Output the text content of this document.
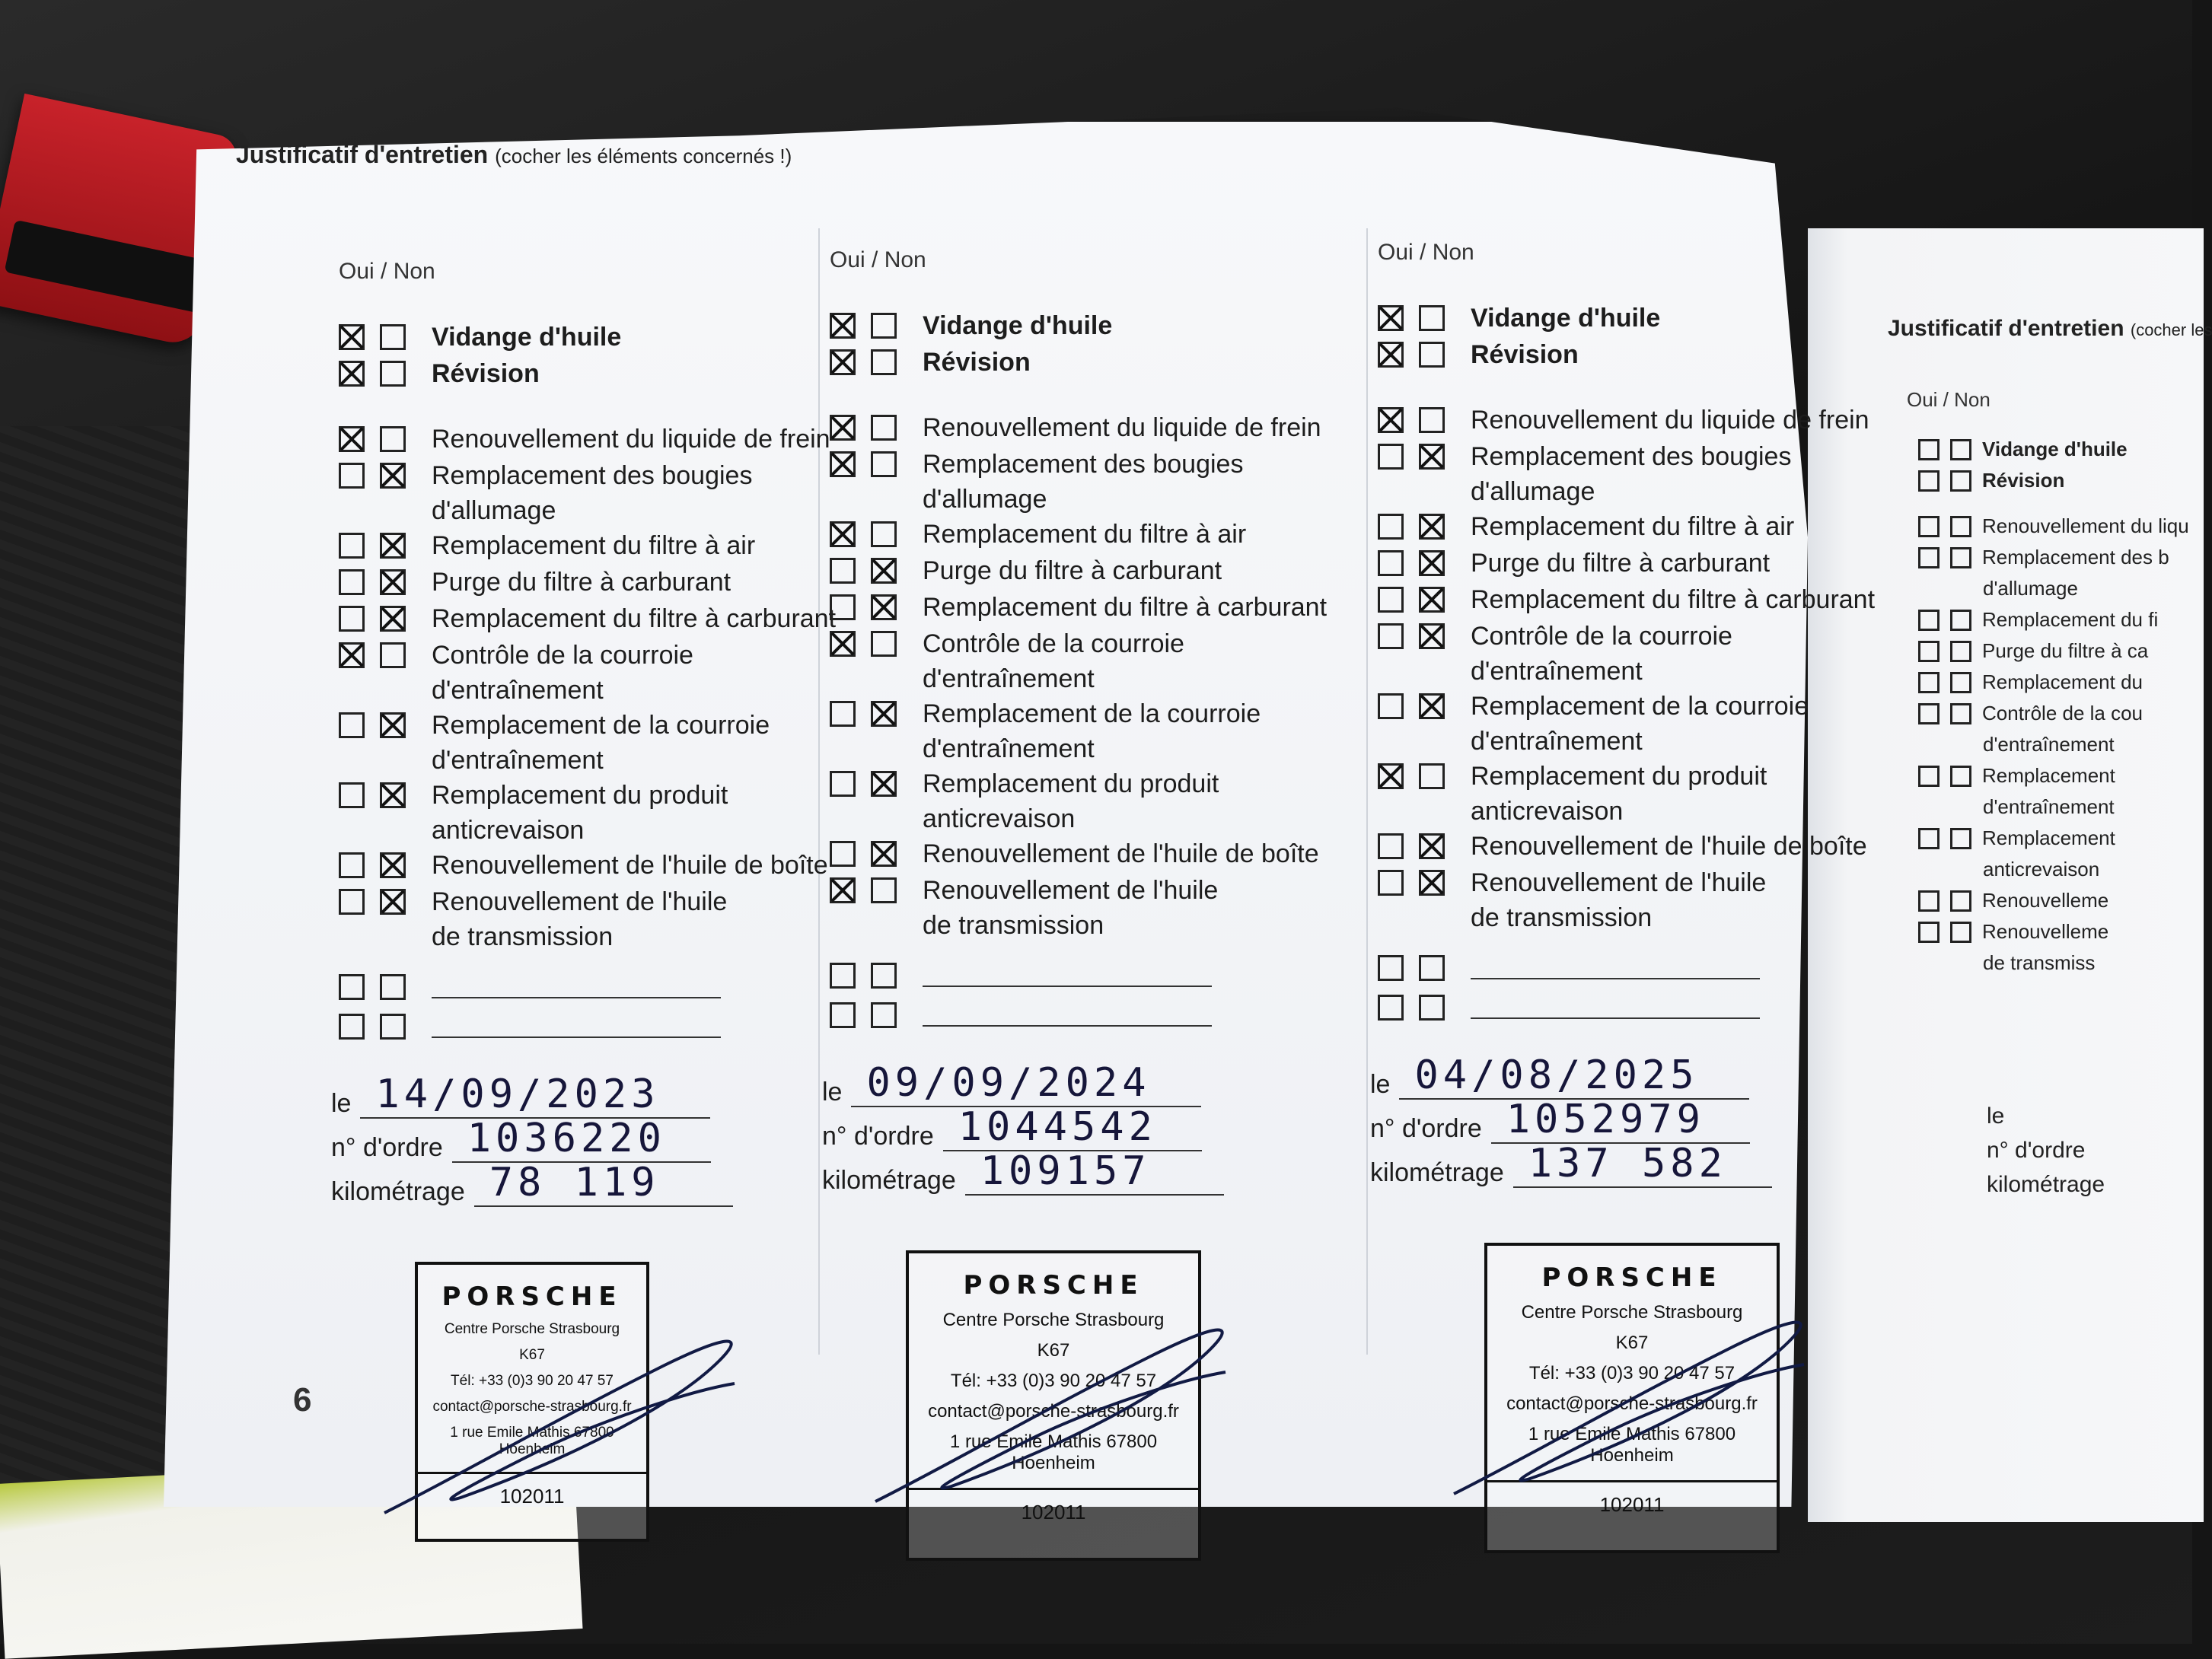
Justificatif d'entretien (cocher les éléments concernés !)
Oui / Non
Vidange d'huile
Révision
Renouvellement du liquide de frein
Remplacement des bougies
d'allumage
Remplacement du filtre à air
Purge du filtre à carburant
Remplacement du filtre à carburant
Contrôle de la courroie
d'entraînement
Remplacement de la courroie
d'entraînement
Remplacement du produit
anticrevaison
Renouvellement de l'huile de boîte
Renouvellement de l'huile
de transmission
le 14/09/2023
n° d'ordre 1036220
kilométrage 78 119
PORSCHE
Centre Porsche Strasbourg
K67
Tél: +33 (0)3 90 20 47 57
contact@porsche-strasbourg.fr
1 rue Emile Mathis 67800 Hoenheim
102011
Oui / Non
Vidange d'huile
Révision
Renouvellement du liquide de frein
Remplacement des bougies
d'allumage
Remplacement du filtre à air
Purge du filtre à carburant
Remplacement du filtre à carburant
Contrôle de la courroie
d'entraînement
Remplacement de la courroie
d'entraînement
Remplacement du produit
anticrevaison
Renouvellement de l'huile de boîte
Renouvellement de l'huile
de transmission
le 09/09/2024
n° d'ordre 1044542
kilométrage 109157
PORSCHE
Centre Porsche Strasbourg
K67
Tél: +33 (0)3 90 20 47 57
contact@porsche-strasbourg.fr
1 rue Emile Mathis 67800 Hoenheim
102011
Oui / Non
Vidange d'huile
Révision
Renouvellement du liquide de frein
Remplacement des bougies
d'allumage
Remplacement du filtre à air
Purge du filtre à carburant
Remplacement du filtre à carburant
Contrôle de la courroie
d'entraînement
Remplacement de la courroie
d'entraînement
Remplacement du produit
anticrevaison
Renouvellement de l'huile de boîte
Renouvellement de l'huile
de transmission
le 04/08/2025
n° d'ordre 1052979
kilométrage 137 582
PORSCHE
Centre Porsche Strasbourg
K67
Tél: +33 (0)3 90 20 47 57
contact@porsche-strasbourg.fr
1 rue Emile Mathis 67800 Hoenheim
102011
6
Justificatif d'entretien (cocher les
Oui / Non
Vidange d'huile
Révision
Renouvellement du liqu
Remplacement des b
d'allumage
Remplacement du fi
Purge du filtre à ca
Remplacement du
Contrôle de la cou
d'entraînement
Remplacement
d'entraînement
Remplacement
anticrevaison
Renouvelleme
Renouvelleme
de transmiss
le
n° d'ordre
kilométrage
